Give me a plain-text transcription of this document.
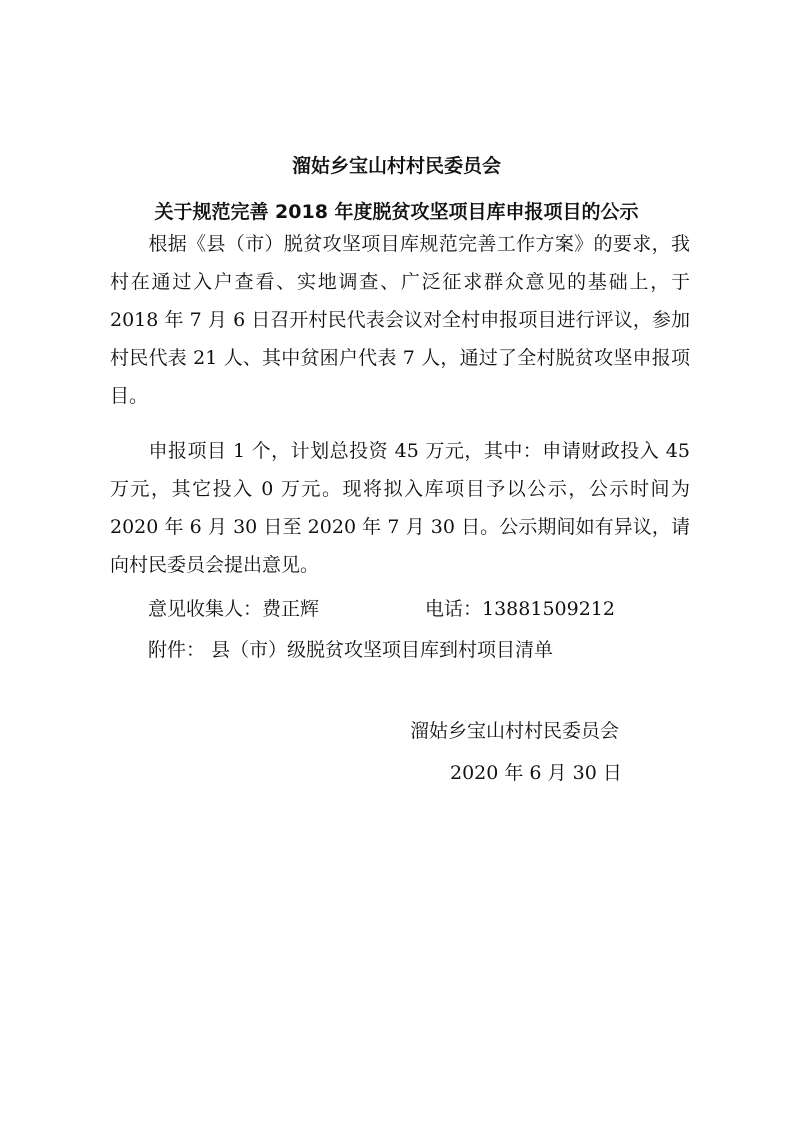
溜姑乡宝山村村民委员会
关于规范完善 2018 年度脱贫攻坚项目库申报项目的公示
根据《县（市）脱贫攻坚项目库规范完善工作方案》的要求，我村在通过入户查看、实地调查、广泛征求群众意见的基础上，于 2018 年 7 月 6 日召开村民代表会议对全村申报项目进行评议，参加村民代表 21 人、其中贫困户代表 7 人，通过了全村脱贫攻坚申报项目。
申报项目 1 个，计划总投资 45 万元，其中：申请财政投入 45 万元，其它投入 0 万元。现将拟入库项目予以公示，公示时间为 2020 年 6 月 30 日至 2020 年 7 月 30 日。公示期间如有异议，请向村民委员会提出意见。
意见收集人：费正辉	电话：13881509212
附件： 县（市）级脱贫攻坚项目库到村项目清单
溜姑乡宝山村村民委员会
2020 年 6 月 30 日
